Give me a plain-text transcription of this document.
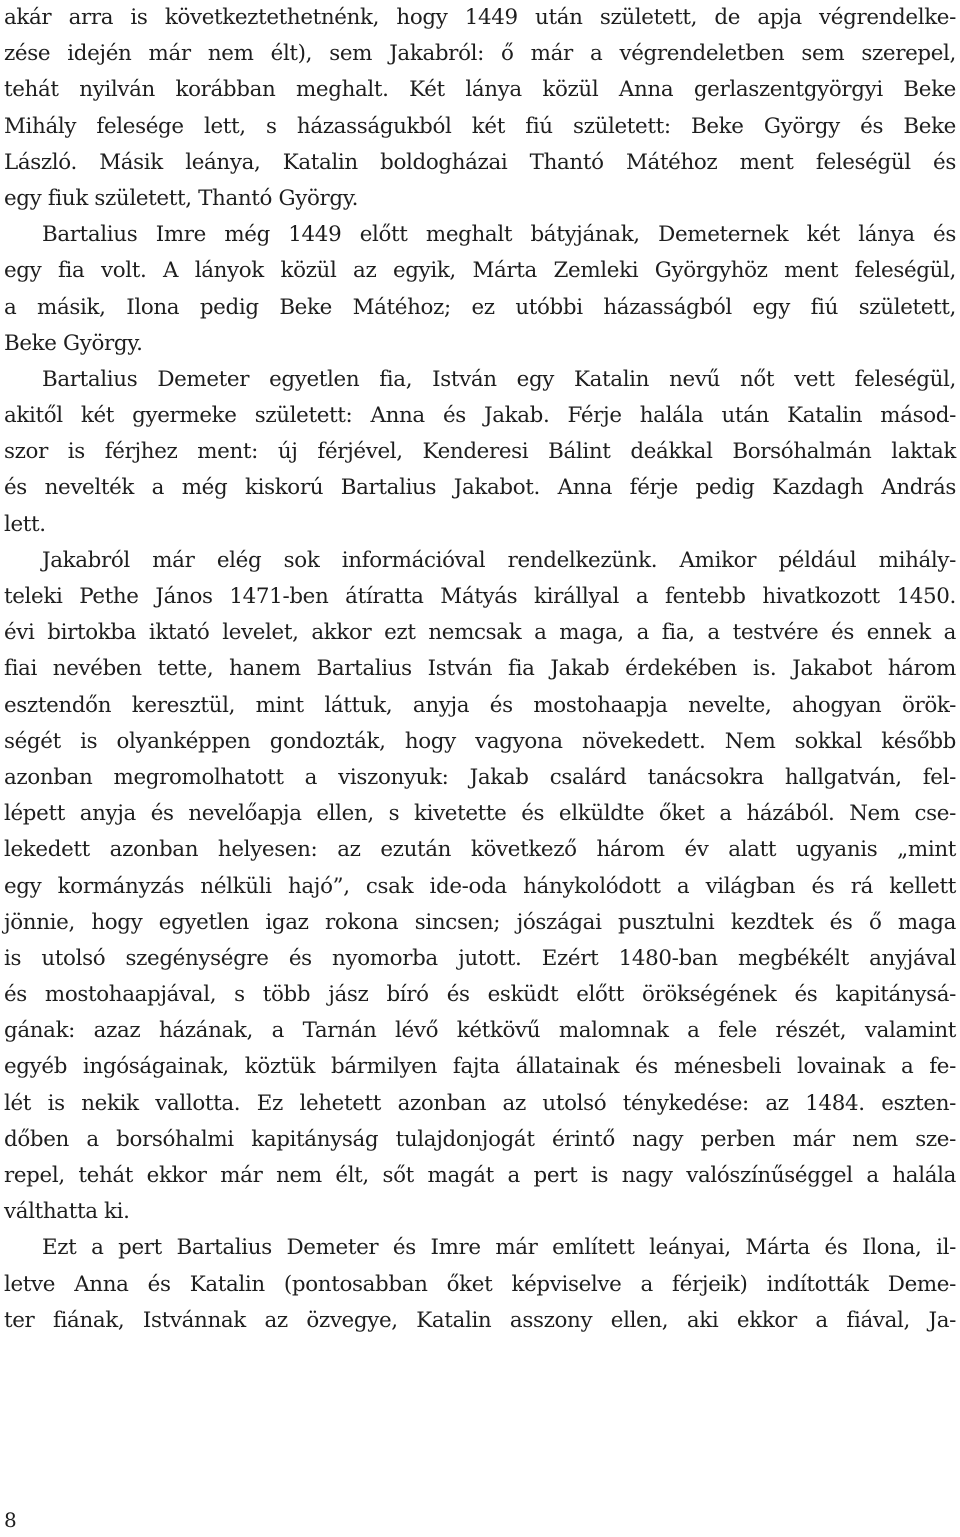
akár arra is következtethetnénk, hogy 1449 után született, de apja végrendelke-
zése idején már nem élt), sem Jakabról: ő már a végrendeletben sem szerepel,
tehát nyilván korábban meghalt. Két lánya közül Anna gerlaszentgyörgyi Beke
Mihály felesége lett, s házasságukból két fiú született: Beke György és Beke
László. Másik leánya, Katalin boldogházai Thantó Mátéhoz ment feleségül és
egy fiuk született, Thantó György.
Bartalius Imre még 1449 előtt meghalt bátyjának, Demeternek két lánya és
egy fia volt. A lányok közül az egyik, Márta Zemleki Györgyhöz ment feleségül,
a másik, Ilona pedig Beke Mátéhoz; ez utóbbi házasságból egy fiú született,
Beke György.
Bartalius Demeter egyetlen fia, István egy Katalin nevű nőt vett feleségül,
akitől két gyermeke született: Anna és Jakab. Férje halála után Katalin másod-
szor is férjhez ment: új férjével, Kenderesi Bálint deákkal Borsóhalmán laktak
és nevelték a még kiskorú Bartalius Jakabot. Anna férje pedig Kazdagh András
lett.
Jakabról már elég sok információval rendelkezünk. Amikor például mihály-
teleki Pethe János 1471-ben átíratta Mátyás királlyal a fentebb hivatkozott 1450.
évi birtokba iktató levelet, akkor ezt nemcsak a maga, a fia, a testvére és ennek a
fiai nevében tette, hanem Bartalius István fia Jakab érdekében is. Jakabot három
esztendőn keresztül, mint láttuk, anyja és mostohaapja nevelte, ahogyan örök-
ségét is olyanképpen gondozták, hogy vagyona növekedett. Nem sokkal később
azonban megromolhatott a viszonyuk: Jakab csalárd tanácsokra hallgatván, fel-
lépett anyja és nevelőapja ellen, s kivetette és elküldte őket a házából. Nem cse-
lekedett azonban helyesen: az ezután következő három év alatt ugyanis „mint
egy kormányzás nélküli hajó”, csak ide-oda hánykolódott a világban és rá kellett
jönnie, hogy egyetlen igaz rokona sincsen; jószágai pusztulni kezdtek és ő maga
is utolsó szegénységre és nyomorba jutott. Ezért 1480-ban megbékélt anyjával
és mostohaapjával, s több jász bíró és esküdt előtt örökségének és kapitánysá-
gának: azaz házának, a Tarnán lévő kétkövű malomnak a fele részét, valamint
egyéb ingóságainak, köztük bármilyen fajta állatainak és ménesbeli lovainak a fe-
lét is nekik vallotta. Ez lehetett azonban az utolsó ténykedése: az 1484. eszten-
dőben a borsóhalmi kapitányság tulajdonjogát érintő nagy perben már nem sze-
repel, tehát ekkor már nem élt, sőt magát a pert is nagy valószínűséggel a halála
válthatta ki.
Ezt a pert Bartalius Demeter és Imre már említett leányai, Márta és Ilona, il-
letve Anna és Katalin (pontosabban őket képviselve a férjeik) indították Deme-
ter fiának, Istvánnak az özvegye, Katalin asszony ellen, aki ekkor a fiával, Ja-
8
